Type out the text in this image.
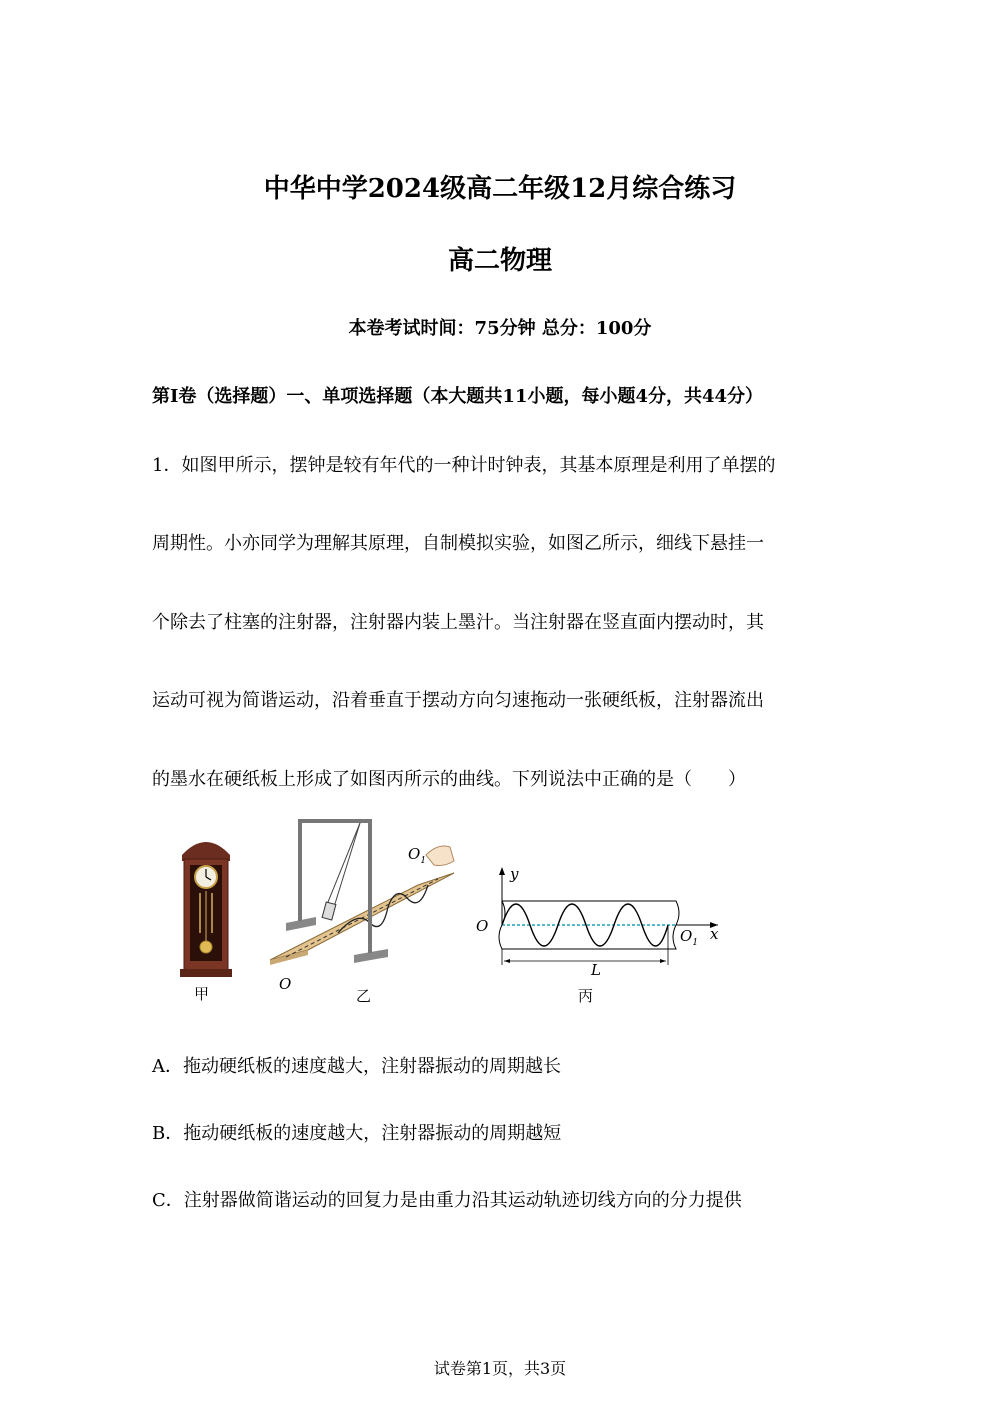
中华中学2024级高二年级12月综合练习
高二物理
本卷考试时间：75分钟 总分：100分
第I卷（选择题）一、单项选择题（本大题共11小题，每小题4分，共44分）
1．如图甲所示，摆钟是较有年代的一种计时钟表，其基本原理是利用了单摆的
周期性。小亦同学为理解其原理，自制模拟实验，如图乙所示，细线下悬挂一
个除去了柱塞的注射器，注射器内装上墨汁。当注射器在竖直面内摆动时，其
运动可视为简谐运动，沿着垂直于摆动方向匀速拖动一张硬纸板，注射器流出
的墨水在硬纸板上形成了如图丙所示的曲线。下列说法中正确的是（　　）
甲
O
$O_1$
乙
y
O
$O_1$ x
L
丙
A．拖动硬纸板的速度越大，注射器振动的周期越长
B．拖动硬纸板的速度越大，注射器振动的周期越短
C．注射器做简谐运动的回复力是由重力沿其运动轨迹切线方向的分力提供
试卷第1页，共3页
